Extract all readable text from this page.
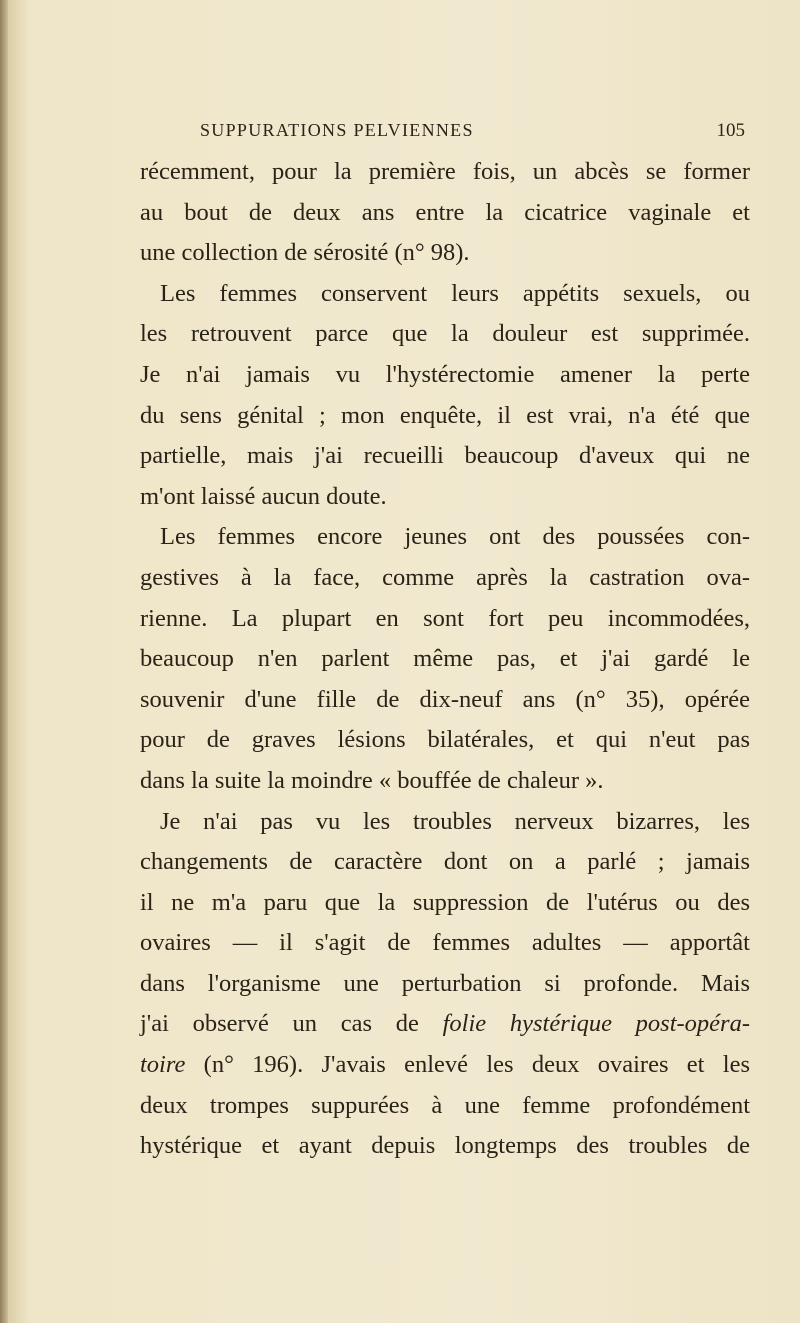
SUPPURATIONS PELVIENNES	105
récemment, pour la première fois, un abcès se former
au bout de deux ans entre la cicatrice vaginale et
une collection de sérosité (n° 98).
Les femmes conservent leurs appétits sexuels, ou
les retrouvent parce que la douleur est supprimée.
Je n'ai jamais vu l'hystérectomie amener la perte
du sens génital ; mon enquête, il est vrai, n'a été que
partielle, mais j'ai recueilli beaucoup d'aveux qui ne
m'ont laissé aucun doute.
Les femmes encore jeunes ont des poussées con-
gestives à la face, comme après la castration ova-
rienne. La plupart en sont fort peu incommodées,
beaucoup n'en parlent même pas, et j'ai gardé le
souvenir d'une fille de dix-neuf ans (n° 35), opérée
pour de graves lésions bilatérales, et qui n'eut pas
dans la suite la moindre « bouffée de chaleur ».
Je n'ai pas vu les troubles nerveux bizarres, les
changements de caractère dont on a parlé ; jamais
il ne m'a paru que la suppression de l'utérus ou des
ovaires — il s'agit de femmes adultes — apportât
dans l'organisme une perturbation si profonde. Mais
j'ai observé un cas de folie hystérique post-opéra-
toire (n° 196). J'avais enlevé les deux ovaires et les
deux trompes suppurées à une femme profondément
hystérique et ayant depuis longtemps des troubles de
